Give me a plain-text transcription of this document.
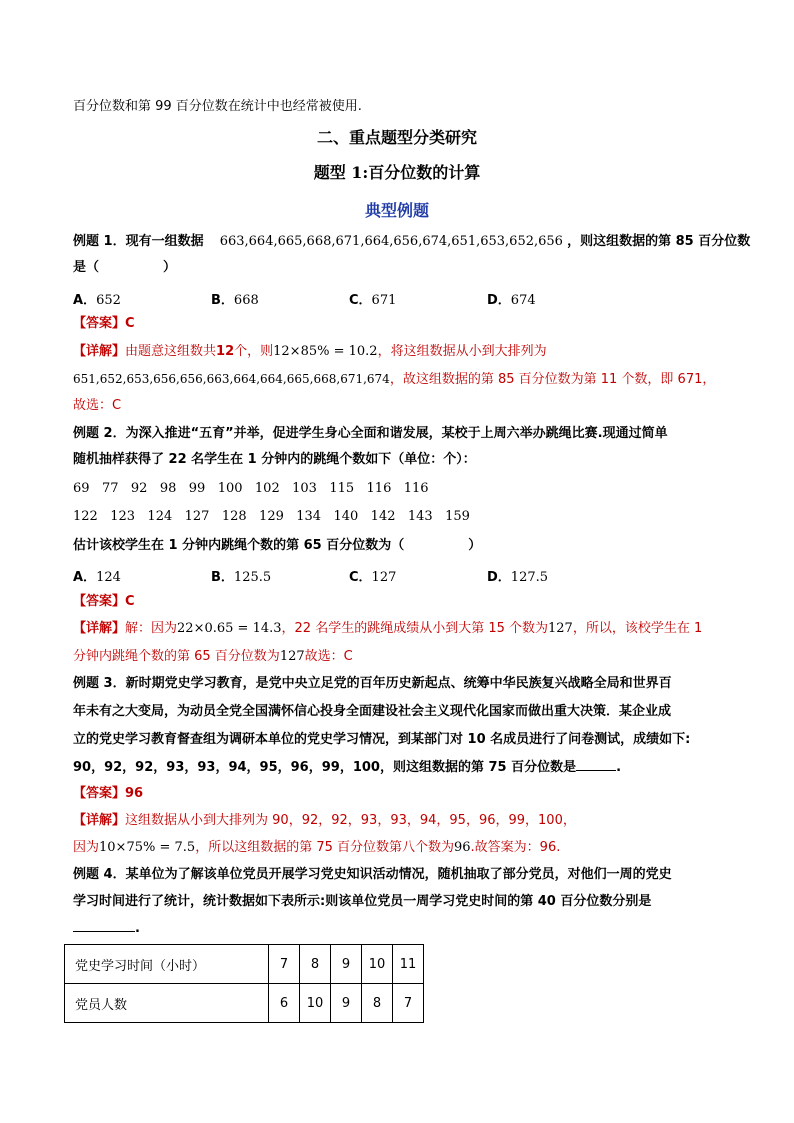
百分位数和第 99 百分位数在统计中也经常被使用.
二、重点题型分类研究
题型 1:百分位数的计算
典型例题
例题 1．现有一组数据 663,664,665,668,671,664,656,674,651,653,652,656 ，则这组数据的第 85 百分位数
是（	）
A．652	B．668	C．671	D．674
【答案】C
【详解】由题意这组数共12个，则12×85% = 10.2，将这组数据从小到大排列为
651,652,653,656,656,663,664,664,665,668,671,674，故这组数据的第 85 百分位数为第 11 个数，即 671，
故选：C
例题 2．为深入推进“五育”并举，促进学生身心全面和谐发展，某校于上周六举办跳绳比赛.现通过简单
随机抽样获得了 22 名学生在 1 分钟内的跳绳个数如下（单位：个）：
69   77   92   98   99   100   102   103   115   116   116
122   123   124   127   128   129   134   140   142   143   159
估计该校学生在 1 分钟内跳绳个数的第 65 百分位数为（	）
A．124	B．125.5	C．127	D．127.5
【答案】C
【详解】解：因为22×0.65 = 14.3，22 名学生的跳绳成绩从小到大第 15 个数为127，所以，该校学生在 1
分钟内跳绳个数的第 65 百分位数为127故选：C
例题 3．新时期党史学习教育，是党中央立足党的百年历史新起点、统筹中华民族复兴战略全局和世界百
年未有之大变局，为动员全党全国满怀信心投身全面建设社会主义现代化国家而做出重大决策．某企业成
立的党史学习教育督查组为调研本单位的党史学习情况，到某部门对 10 名成员进行了问卷测试，成绩如下:
90，92，92，93，93，94，95，96，99，100，则这组数据的第 75 百分位数是	.
【答案】96
【详解】这组数据从小到大排列为 90，92，92，93，93，94，95，96，99，100，
因为10×75% = 7.5，所以这组数据的第 75 百分位数第八个数为96.故答案为：96.
例题 4．某单位为了解该单位党员开展学习党史知识活动情况，随机抽取了部分党员，对他们一周的党史
学习时间进行了统计，统计数据如下表所示:则该单位党员一周学习党史时间的第 40 百分位数分别是
.
党史学习时间（小时）	7	8	9	10	11
党员人数	6	10	9	8	7
